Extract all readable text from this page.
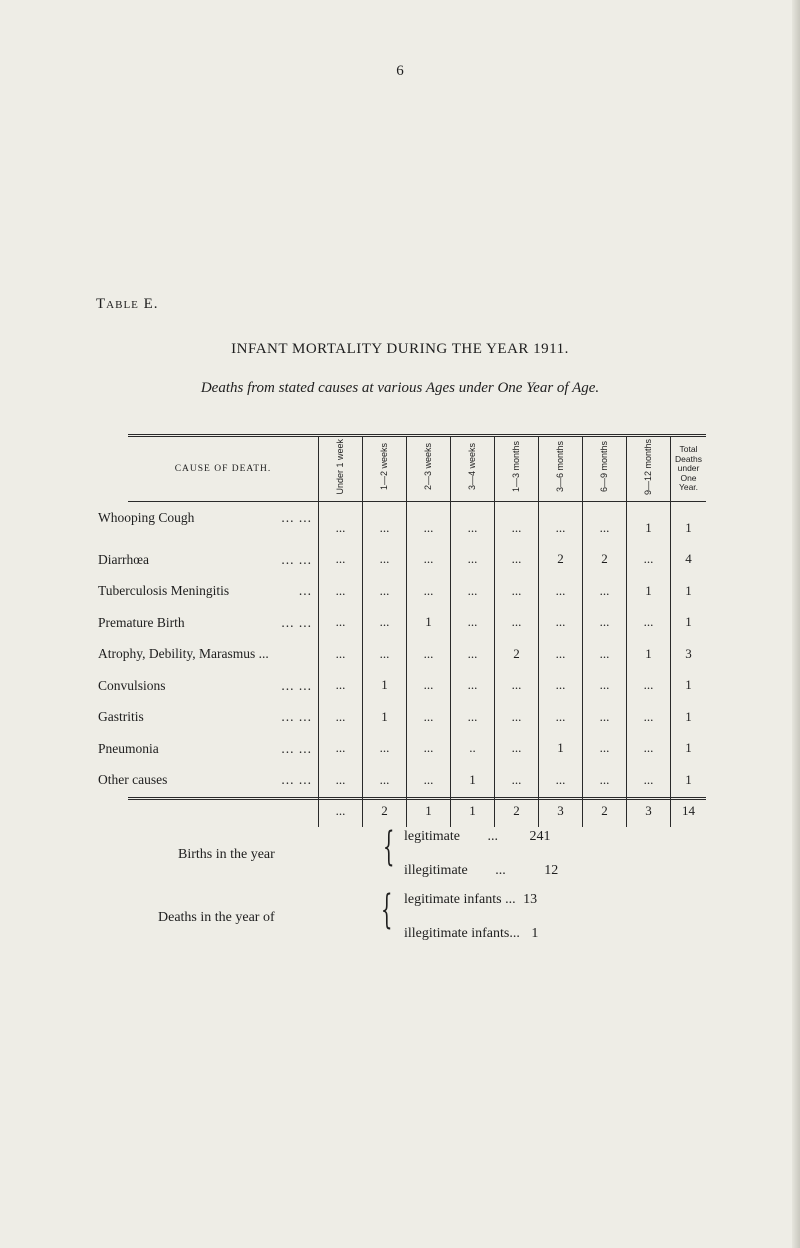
6
Table E.
INFANT MORTALITY DURING THE YEAR 1911.
Deaths from stated causes at various Ages under One Year of Age.
CAUSE OF DEATH.	Under 1 week	1—2 weeks	2—3 weeks	3—4 weeks	1—3 months	3—6 months	6—9 months	9—12 months	Total
Deaths
under
One
Year.

Whooping Cough ... ...	...	...	...	...	...	...	...	1	1

Diarrhœa ... ...	...	...	...	...	...	2	2	...	4

Tuberculosis Meningitis ...	...	...	...	...	...	...	...	1	1

Premature Birth ... ...	...	...	1	...	...	...	...	...	1

Atrophy, Debility, Marasmus ...	...	...	...	...	2	...	...	1	3

Convulsions ... ...	...	1	...	...	...	...	...	...	1

Gastritis ... ...	...	1	...	...	...	...	...	...	1

Pneumonia ... ...	...	...	...	..	...	1	...	...	1

Other causes ... ...	...	...	...	1	...	...	...	...	1
	...	2	1	1	2	3	2	3	14
Births in the year	{ legitimate ... 241
illegitimate ...	12
Deaths in the year of	{ legitimate infants ... 13
illegitimate infants... 1
